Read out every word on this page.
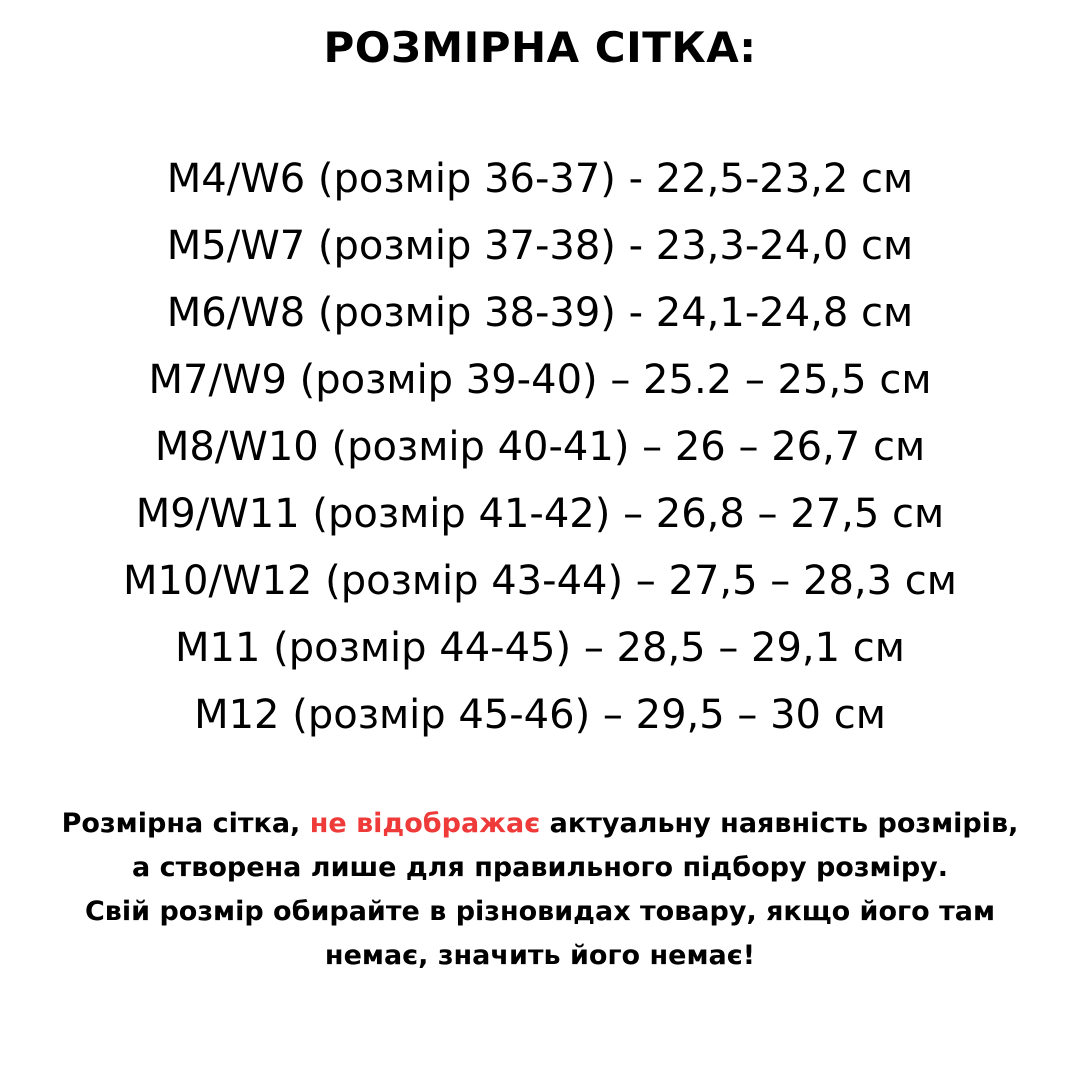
РОЗМІРНА СІТКА:
M4/W6 (розмір 36-37) - 22,5-23,2 см
M5/W7 (розмір 37-38) - 23,3-24,0 см
M6/W8 (розмір 38-39) - 24,1-24,8 см
M7/W9 (розмір 39-40) – 25.2 – 25,5 см
M8/W10 (розмір 40-41) – 26 – 26,7 см
M9/W11 (розмір 41-42) – 26,8 – 27,5 см
M10/W12 (розмір 43-44) – 27,5 – 28,3 см
M11 (розмір 44-45) – 28,5 – 29,1 см
M12 (розмір 45-46) – 29,5 – 30 см

Розмірна сітка, не відображає актуальну наявність розмірів,
а створена лише для правильного підбору розміру.
Свій розмір обирайте в різновидах товару, якщо його там
немає, значить його немає!
